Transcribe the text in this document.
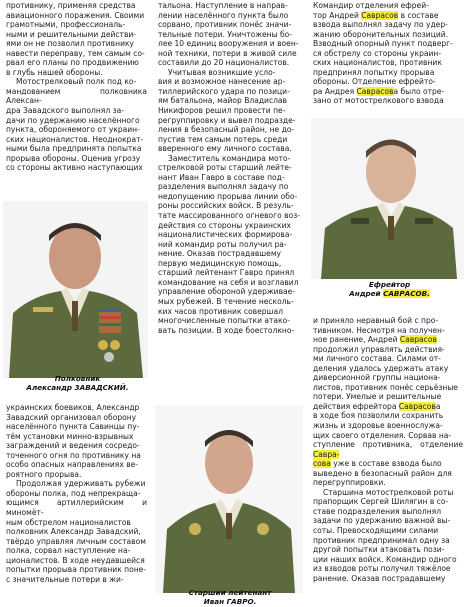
противнику, применяя средства

авиационного поражения. Своими

грамотными, профессиональ-

ными и решительными действи-

ями он не позволил противнику

навести переправу, тем самым со-

рвал его планы по продвижению

в глубь нашей обороны.

Мотострелковый полк под ко-

мандованием полковника Алексан-

дра Завадского выполнял за-

дачи по удержанию населённого

пункта, обороняемого от украин-

ских националистов. Неоднократ-

ными была предпринята попытка

прорыва обороны. Оценив угрозу

со стороны активно наступающих

Полковник
Александр ЗАВАДСКИЙ.

украинских боевиков, Александр

Завадский организовал оборону

населённого пункта Савинцы пу-

тём установки минно-взрывных

заграждений и ведения сосредо-

точенного огня по противнику на

особо опасных направлениях ве-

роятного прорыва.

Продолжая удерживать рубежи

обороны полка, под непрекраща-

ющимся артиллерийским и миномёт-

ным обстрелом националистов

полковник Александр Завадский,

твёрдо управляя личным составом

полка, сорвал наступление на-

ционалистов. В ходе неудавшейся

попытки прорыва противник поне-

с значительные потери в жи-

тальона. Наступление в направ-

лении населённого пункта было

сорвано, противник понёс значи-

тельные потери. Уничтожены бо-

лее 10 единиц вооружения и воен-

ной техники, потери в живой силе

составили до 20 националистов.

Учитывая возникшие усло-

вия и возможное нанесение ар-

тиллерийского удара по позици-

ям батальона, майор Владислав

Никифоров решил провести пе-

регруппировку и вывел подразде-

ления в безопасный район, не до-

пустив тем самым потерь среди

вверенного ему личного состава.

Заместитель командира мото-

стрелковой роты старший лейте-

нант Иван Гавро в составе под-

разделения выполнял задачу по

недопущению прорыва линии обо-

роны российских войск. В резуль-

тате массированного огневого воз-

действия со стороны украинских

националистических формирова-

ний командир роты получил ра-

нение. Оказав пострадавшему

первую медицинскую помощь,

старший лейтенант Гавро принял

командование на себя и возглавил

управление обороной удерживае-

мых рубежей. В течение несколь-

ких часов противник совершал

многочисленные попытки атако-

вать позиции. В ходе боестолкно-

Старший лейтенант
Иван ГАВРО.

Командир отделения ефрей-

тор Андрей Саврасов в составе

взвода выполнял задачу по удер-

жанию оборонительных позиций.

Взводный опорный пункт подверг-

ся обстрелу со стороны украин-

ских националистов, противник

предпринял попытку прорыва

обороны. Отделение ефрейто-

ра Андрея Саврасова было отре-

зано от мотострелкового взвода

Ефрейтор
Андрей САВРАСОВ.

и приняло неравный бой с про-

тивником. Несмотря на получен-

ное ранение, Андрей Саврасов

продолжил управлять действия-

ми личного состава. Силами от-

деления удалось удержать атаку

диверсионной группы национа-

листов, противник понёс серьёзные

потери. Умелые и решительные

действия ефрейтора Саврасова

в ходе боя позволили сохранить

жизнь и здоровье военнослужа-

щих своего отделения. Сорвав на-

ступление противника, отделение Савра-

сова уже в составе взвода было

выведено в безопасный район для

перегруппировки.

Старшина мотострелковой роты

прапорщик Сергей Шилягин в со-

ставе подразделения выполнял

задачи по удержанию важной вы-

соты. Превосходящими силами

противник предпринимал одну за

другой попытки атаковать пози-

ции наших войск. Командир одного

из взводов роты получил тяжёлое

ранение. Оказав пострадавшему
